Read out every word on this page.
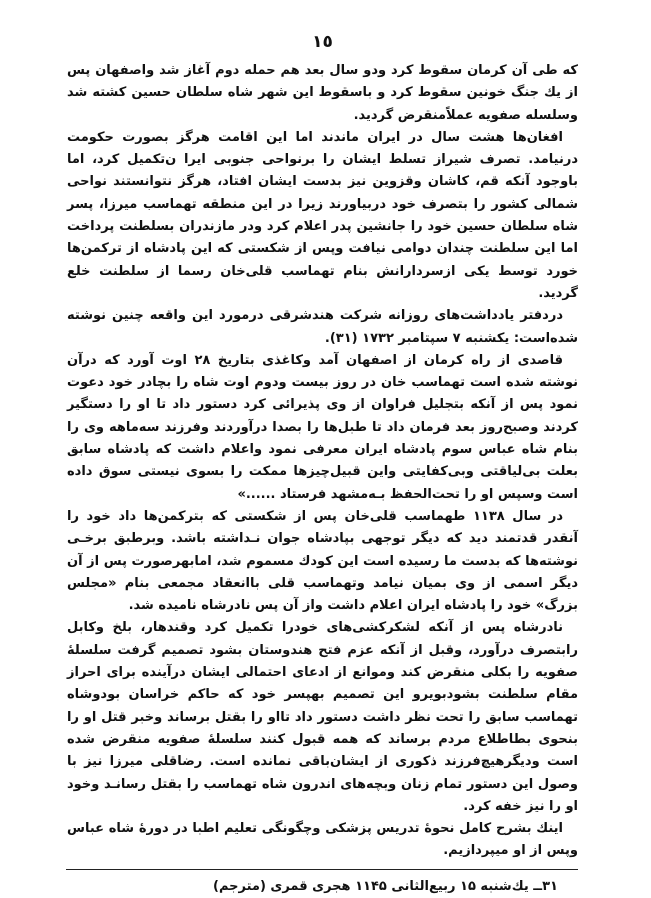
١٥

که طی آن کرمان سقوط کرد ودو سال بعد هم حمله دوم آغاز شد واصفهان پس از یك جنگ خونین سقوط کرد و باسقوط این شهر شاه سلطان حسین کشته شد وسلسله صفویه عملاًمنقرض گردید.

افغان‌ها هشت سال در ایران ماندند اما این اقامت هرگز بصورت حکومت درنیامد. تصرف شیراز تسلط ایشان را برنواحی جنوبی ایرا ن‌تکمیل کرد، اما باوجود آنکه قم، کاشان وقزوین نیز بدست ایشان افتاد، هرگز نتوانستند نواحی شمالی کشور را بتصرف خود دربیاورند زیرا در این منطقه تهماسب میرزا، پسر شاه سلطان حسین خود را جانشین پدر اعلام کرد ودر مازندران بسلطنت پرداخت اما این سلطنت چندان دوامی نیافت وپس از شکستی که این پادشاه از ترکمن‌ها خورد توسط یکی ازسردارانش بنام تهماسب قلی‌خان رسما از سلطنت خلع گردید.

دردفتر یادداشت‌های روزانه شرکت هندشرقی درمورد این واقعه چنین نوشته شده‌است: یکشنبه ۷ سپتامبر ۱۷۳۲ (۳۱).

قاصدی از راه کرمان از اصفهان آمد وکاغذی بتاریخ ۲۸ اوت آورد که درآن نوشته شده است تهماسب خان در روز بیست ودوم اوت شاه را بچادر خود دعوت نمود پس از آنکه بتجلیل فراوان از وی پذیرائی کرد دستور داد تا او را دستگیر کردند وصبح‌روز بعد فرمان داد تا طبل‌ها را بصدا درآوردند وفرزند سه‌ماهه وی را بنام شاه عباس سوم پادشاه ایران معرفی نمود واعلام داشت که پادشاه سابق بعلت بی‌لیاقتی وبی‌کفایتی واین قبیل‌چیزها ممکت را بسوی نیستی سوق داده است وسپس او را تحت‌الحفظ بـه‌مشهد فرستاد ......»

در سال ۱۱۳۸ طهماسب قلی‌خان پس از شکستی که بترکمن‌ها داد خود را آنقدر قدتمند دید که دیگر توجهی بپادشاه جوان نـداشته باشد. وبرطبق برخـی نوشته‌ها که بدست ما رسیده است این کودك مسموم شد، امابهرصورت پس از آن دیگر اسمی از وی بمیان نیامد وتهماسب قلی باانعقاد مجمعی بنام «مجلس بزرگ» خود را پادشاه ایران اعلام داشت واز آن پس نادرشاه نامیده شد.

نادرشاه پس از آنکه لشکرکشی‌های خودرا تکمیل کرد وقندهار، بلخ وکابل رابتصرف درآورد، وقبل از آنکه عزم فتح هندوستان بشود تصمیم گرفت سلسلهٔ صفویه را بکلی منقرض کند وموانع از ادعای احتمالی ایشان درآینده برای احراز مقام سلطنت بشودبویرو این تصمیم بهپسر خود که حاکم خراسان بودوشاه تهماسب سابق را تحت نظر داشت دستور داد تااو را بقتل برساند وخبر قتل او را بنحوی بطاطلاع مردم برساند که همه قبول کنند سلسلهٔ صفویه منقرض شده است ودیگرهیچ‌فرزند ذکوری از ایشان‌باقی نمانده است. رضاقلی میرزا نیز با وصول این دستور تمام زنان وبچه‌های اندرون شاه تهماسب را بقتل رسانـد وخود او را نیز خفه کرد.

اینك بشرح کامل نحوهٔ تدریس پزشکی وچگونگی تعلیم اطبا در دورهٔ شاه عباس وپس از او میپردازیم.

۳۱ــ یك‌شنبه ۱۵ ربیع‌الثانی ۱۱۴۵ هجری قمری (مترجم)
